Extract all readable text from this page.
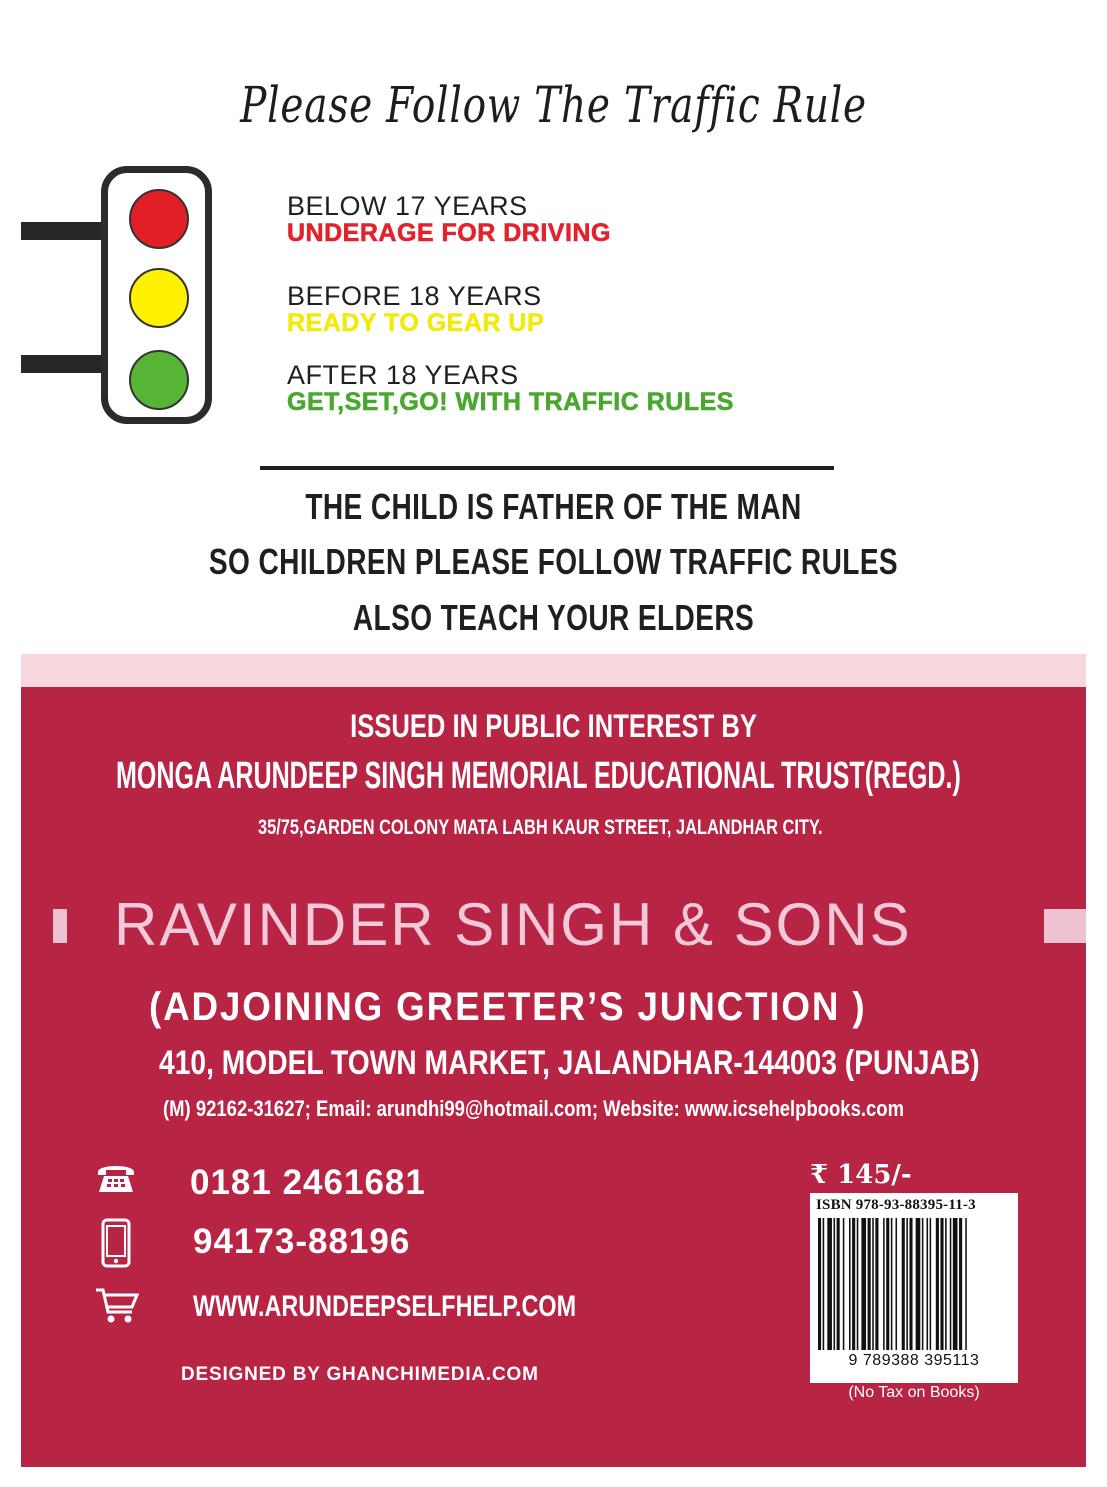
Please Follow The Traffic Rule
BELOW 17 YEARS
UNDERAGE FOR DRIVING
BEFORE 18 YEARS
READY TO GEAR UP
AFTER 18 YEARS
GET,SET,GO! WITH TRAFFIC RULES
THE CHILD IS FATHER OF THE MAN
SO CHILDREN PLEASE FOLLOW TRAFFIC RULES
ALSO TEACH YOUR ELDERS
ISSUED IN PUBLIC INTEREST BY
MONGA ARUNDEEP SINGH MEMORIAL EDUCATIONAL TRUST(REGD.)
35/75,GARDEN COLONY MATA LABH KAUR STREET, JALANDHAR CITY.
RAVINDER SINGH & SONS
(ADJOINING GREETER’S JUNCTION )
410, MODEL TOWN MARKET, JALANDHAR-144003 (PUNJAB)
(M) 92162-31627; Email: arundhi99@hotmail.com; Website: www.icsehelpbooks.com
0181 2461681
94173-88196
WWW.ARUNDEEPSELFHELP.COM
DESIGNED BY GHANCHIMEDIA.COM
₹ 145/-
ISBN 978-93-88395-11-3
9 789388 395113
(No Tax on Books)
